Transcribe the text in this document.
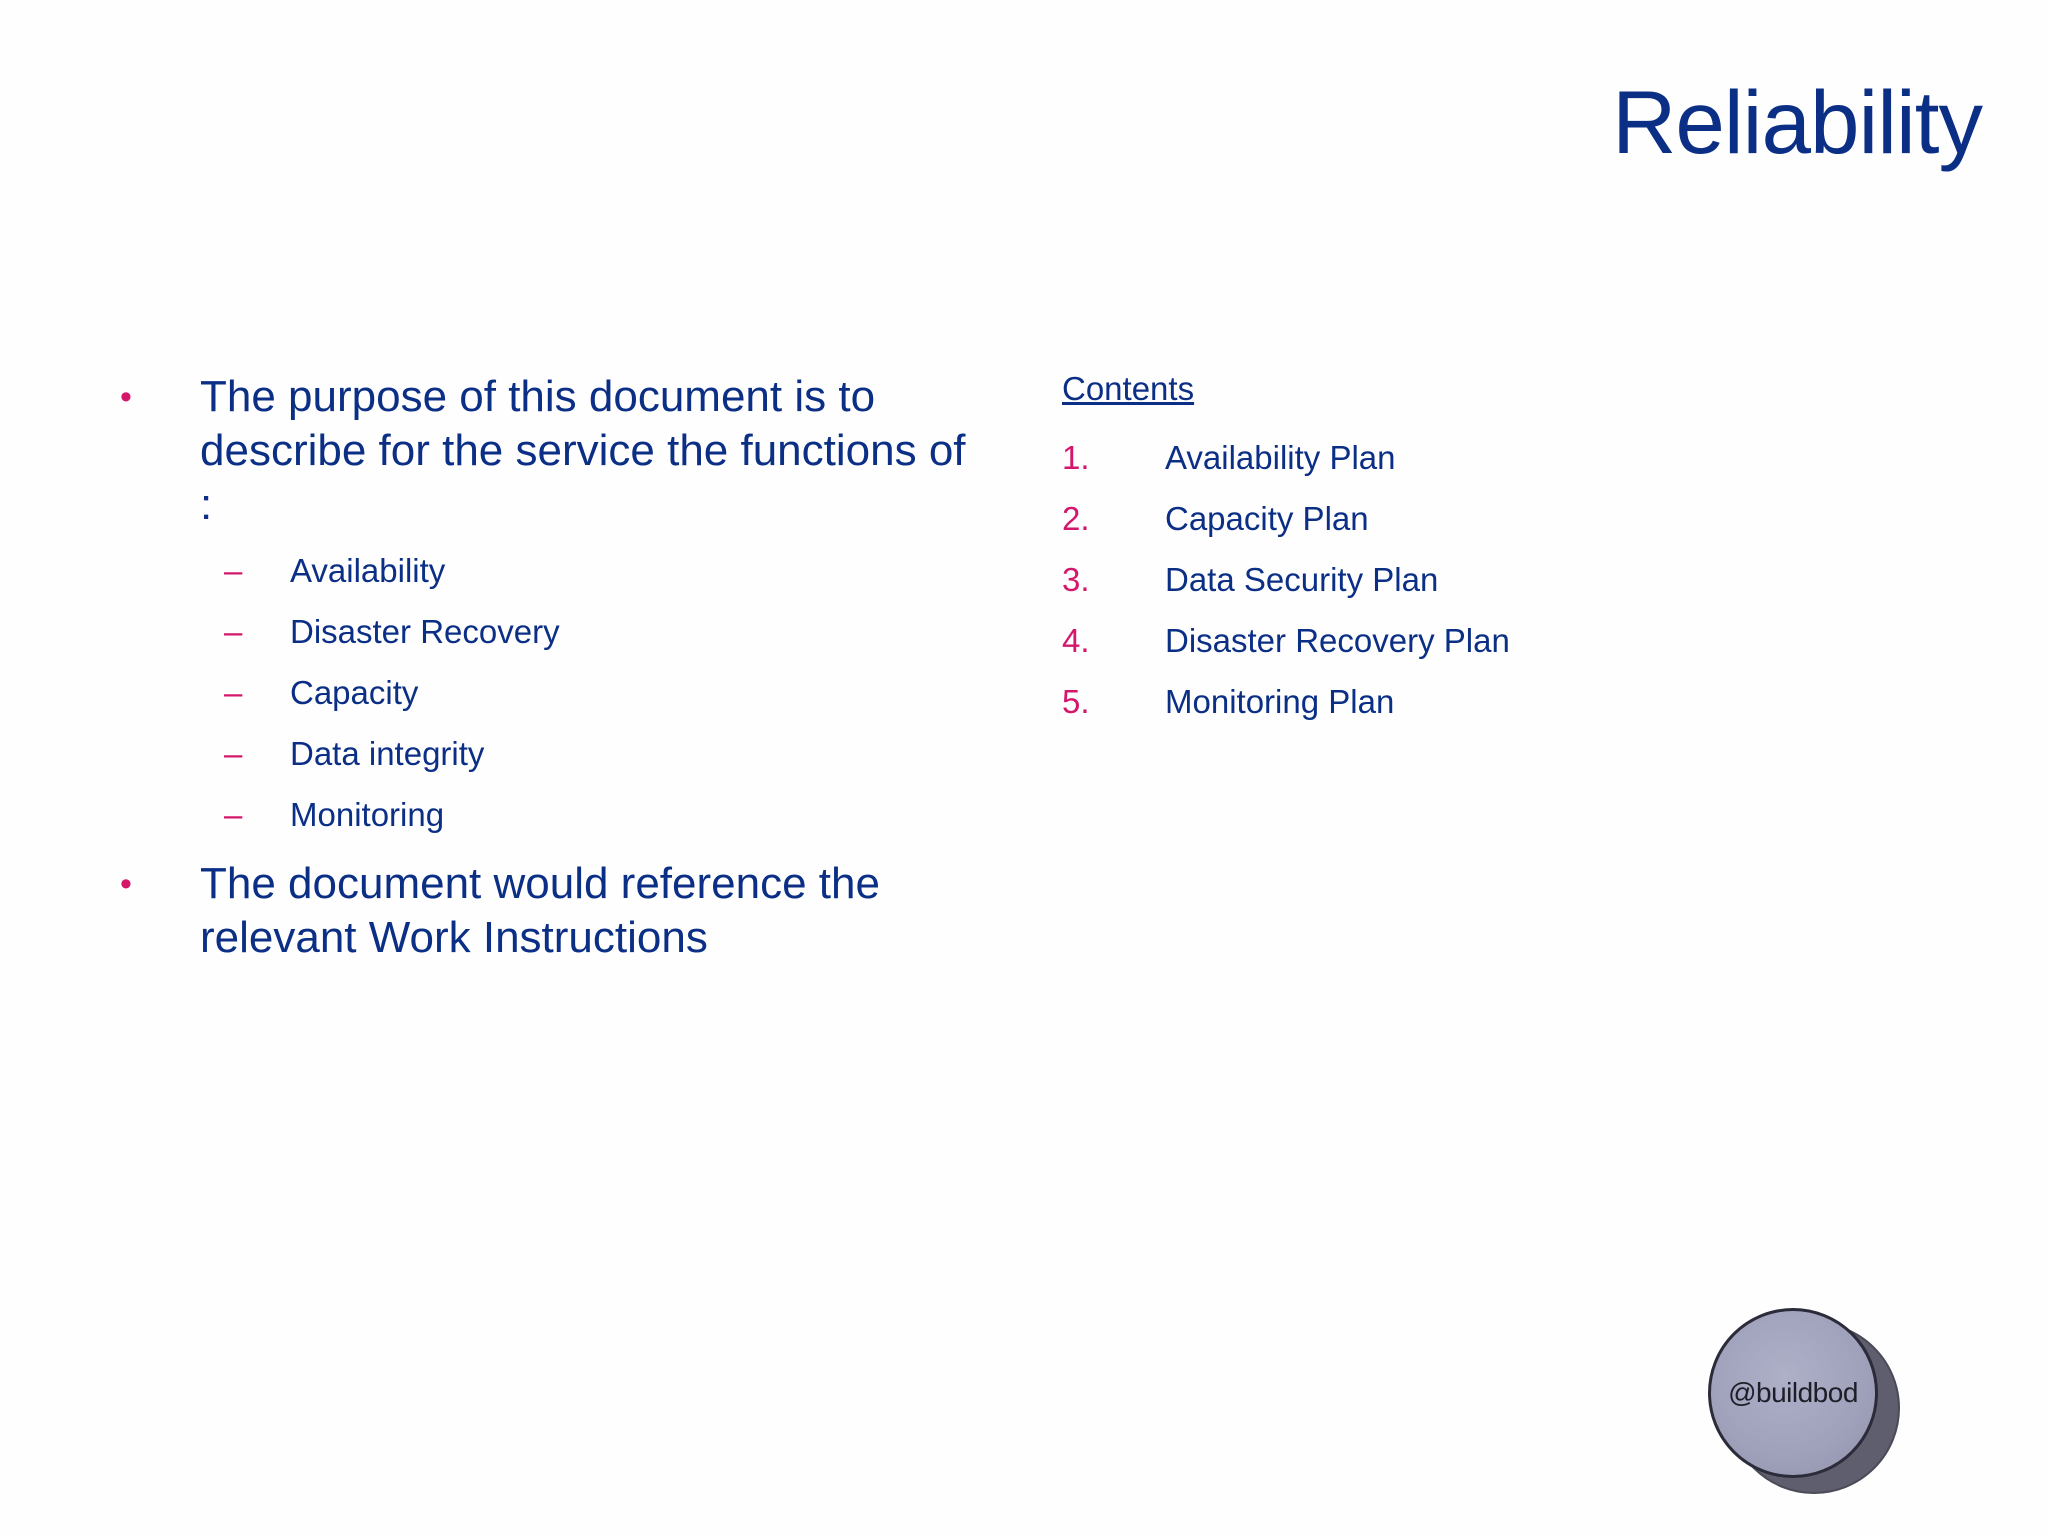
Reliability
• The purpose of this document is to describe for the service the functions of :
– Availability
– Disaster Recovery
– Capacity
– Data integrity
– Monitoring
• The document would reference the relevant Work Instructions
Contents
1. Availability Plan
2. Capacity Plan
3. Data Security Plan
4. Disaster Recovery Plan
5. Monitoring Plan
@buildbod
